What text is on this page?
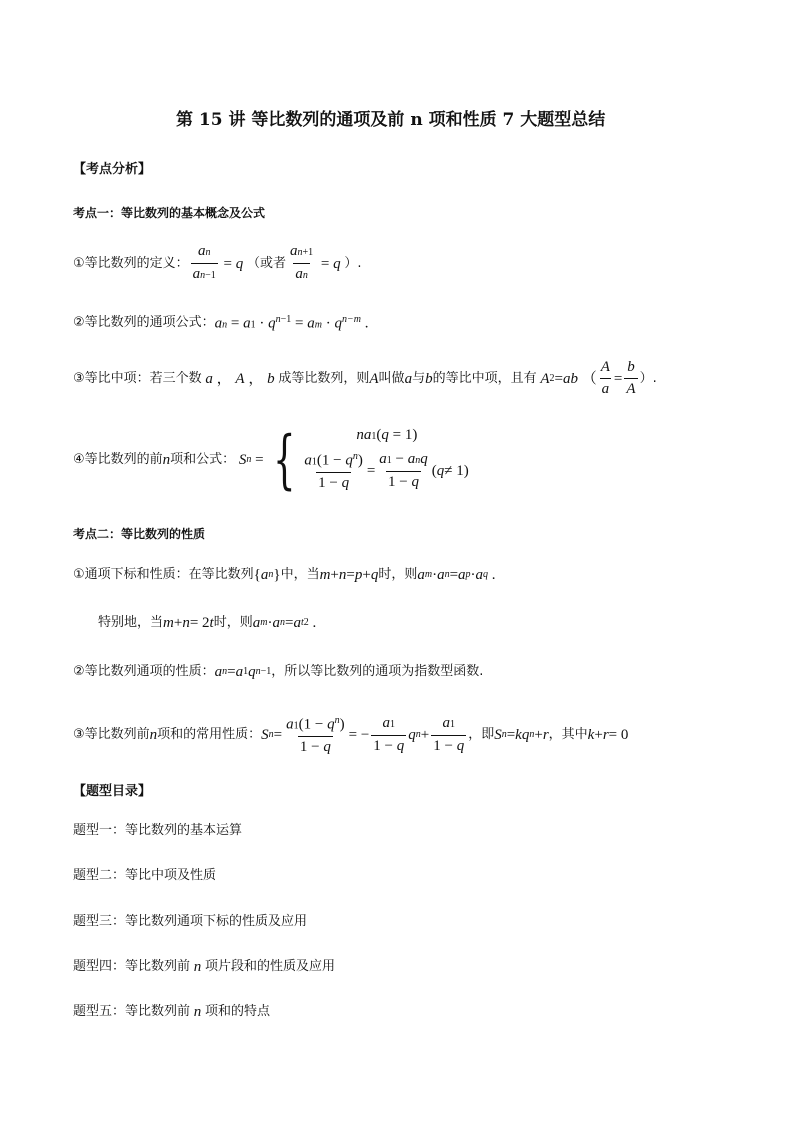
第 15 讲 等比数列的通项及前 n 项和性质 7 大题型总结
【考点分析】
考点一：等比数列的基本概念及公式
①等比数列的定义： $\frac{an}{an-1} = q$ （或者 $\frac{an+1}{an} = q$ ）.
②等比数列的通项公式： an = $a1 \cdot q^{n-1}$ = am · $q^{n-m}$ .
③等比中项：若三个数 a ， A ， b 成等比数列，则 A 叫做 a 与 b 的等比中项，且有 A 2 = ab （ $\frac{A}{a} = \frac{b}{A}$ ）.
④等比数列的前 n 项和公式： S n = {	na1(q = 1)
$\frac{a1(1 - q^n)}{1 - q} = \frac{\text{a1 − anq}}{1 - q}$ ( q ≠ 1)
考点二：等比数列的性质
①通项下标和性质：在等比数列 { a n } 中，当 m + n = p + q 时，则 a m · a n = a p · a q .
特别地，当 m + n = 2 t 时，则 a m · a n = a t 2 .
②等比数列通项的性质： a n = a 1 q n −1 ，所以等比数列的通项为指数型函数.
③等比数列前 n 项和的常用性质： S $n = \frac{a1(1 - q^n)}{1 - q}$ = − $\frac{a1}{1 - q}$ q $n + \frac{a1}{1 - q}$ ，即 S n = kq n + r ，其中 k + r = 0
【题型目录】
题型一：等比数列的基本运算
题型二：等比中项及性质
题型三：等比数列通项下标的性质及应用
题型四：等比数列前 n 项片段和的性质及应用
题型五：等比数列前 n 项和的特点
